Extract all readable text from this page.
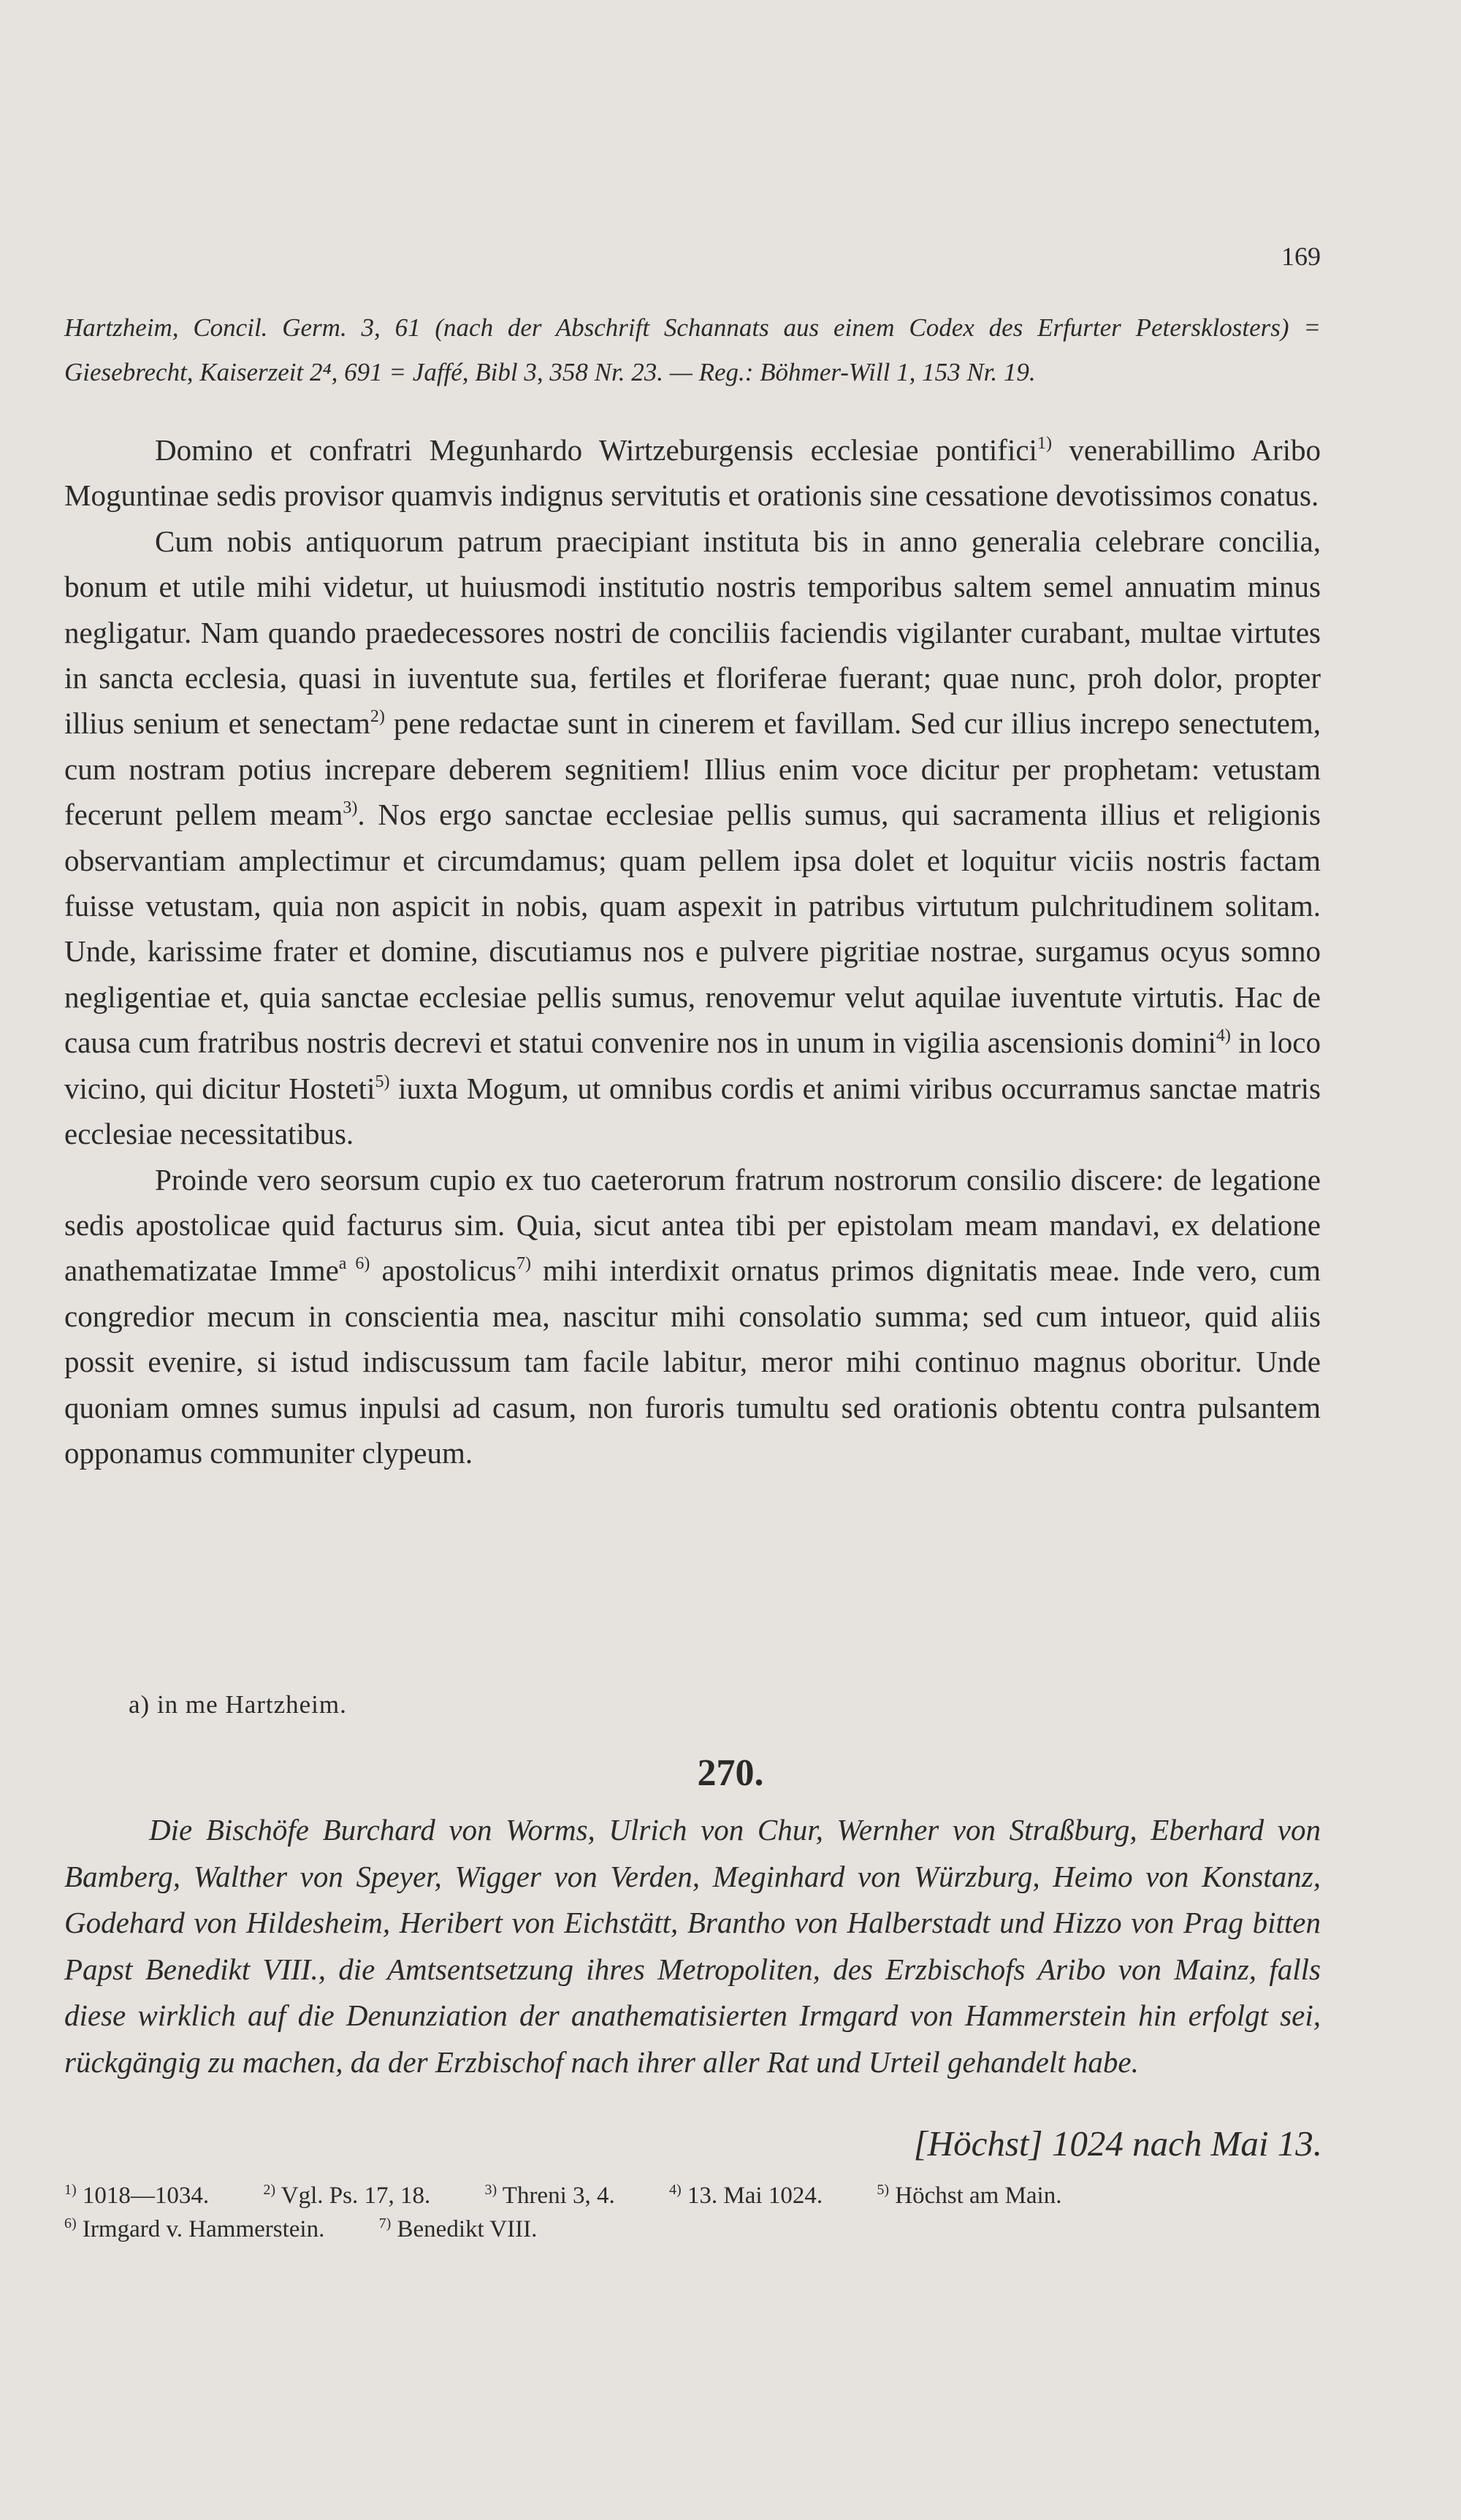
169
Hartzheim, Concil. Germ. 3, 61 (nach der Abschrift Schannats aus einem Codex des Erfurter Petersklosters) = Giesebrecht, Kaiserzeit 2⁴, 691 = Jaffé, Bibl 3, 358 Nr. 23. — Reg.: Böhmer-Will 1, 153 Nr. 19.

Domino et confratri Megunhardo Wirtzeburgensis ecclesiae pontifici$^{1)}$ venerabillimo Aribo Moguntinae sedis provisor quamvis indignus servitutis et orationis sine cessatione devotissimos conatus.

Cum nobis antiquorum patrum praecipiant instituta bis in anno generalia celebrare concilia, bonum et utile mihi videtur, ut huiusmodi institutio nostris temporibus saltem semel annuatim minus negligatur. Nam quando praedecessores nostri de conciliis faciendis vigilanter curabant, multae virtutes in sancta ecclesia, quasi in iuventute sua, fertiles et floriferae fuerant; quae nunc, proh dolor, propter illius senium et senectam$^{2)}$ pene redactae sunt in cinerem et favillam. Sed cur illius increpo senectutem, cum nostram potius increpare deberem segnitiem! Illius enim voce dicitur per prophetam: vetustam fecerunt pellem meam$^{3)}$. Nos ergo sanctae ecclesiae pellis sumus, qui sacramenta illius et religionis observantiam amplectimur et circumdamus; quam pellem ipsa dolet et loquitur viciis nostris factam fuisse vetustam, quia non aspicit in nobis, quam aspexit in patribus virtutum pulchritudinem solitam. Unde, karissime frater et domine, discutiamus nos e pulvere pigritiae nostrae, surgamus ocyus somno negligentiae et, quia sanctae ecclesiae pellis sumus, renovemur velut aquilae iuventute virtutis. Hac de causa cum fratribus nostris decrevi et statui convenire nos in unum in vigilia ascensionis domini$^{4)}$ in loco vicino, qui dicitur Hosteti$^{5)}$ iuxta Mogum, ut omnibus cordis et animi viribus occurramus sanctae matris ecclesiae necessitatibus.

Proinde vero seorsum cupio ex tuo caeterorum fratrum nostrorum consilio discere: de legatione sedis apostolicae quid facturus sim. Quia, sicut antea tibi per epistolam meam mandavi, ex delatione anathematizatae Imme$^{a 6)}$ apostolicus$^{7)}$ mihi interdixit ornatus primos dignitatis meae. Inde vero, cum congredior mecum in conscientia mea, nascitur mihi consolatio summa; sed cum intueor, quid aliis possit evenire, si istud indiscussum tam facile labitur, meror mihi continuo magnus oboritur. Unde quoniam omnes sumus inpulsi ad casum, non furoris tumultu sed orationis obtentu contra pulsantem opponamus communiter clypeum.

a) in me Hartzheim.
270.

Die Bischöfe Burchard von Worms, Ulrich von Chur, Wernher von Straßburg, Eberhard von Bamberg, Walther von Speyer, Wigger von Verden, Meginhard von Würzburg, Heimo von Konstanz, Godehard von Hildesheim, Heribert von Eichstätt, Brantho von Halberstadt und Hizzo von Prag bitten Papst Benedikt VIII., die Amtsentsetzung ihres Metropoliten, des Erzbischofs Aribo von Mainz, falls diese wirklich auf die Denunziation der anathematisierten Irmgard von Hammerstein hin erfolgt sei, rückgängig zu machen, da der Erzbischof nach ihrer aller Rat und Urteil gehandelt habe.

[Höchst] 1024 nach Mai 13.
$^{1)}$ 1018—1034.	$^{2)}$ Vgl. Ps. 17, 18.	$^{3)}$ Threni 3, 4.	$^{4)}$ 13. Mai 1024.	$^{5)}$ Höchst am Main. $^{6)}$ Irmgard v. Hammerstein.	$^{7)}$ Benedikt VIII.
